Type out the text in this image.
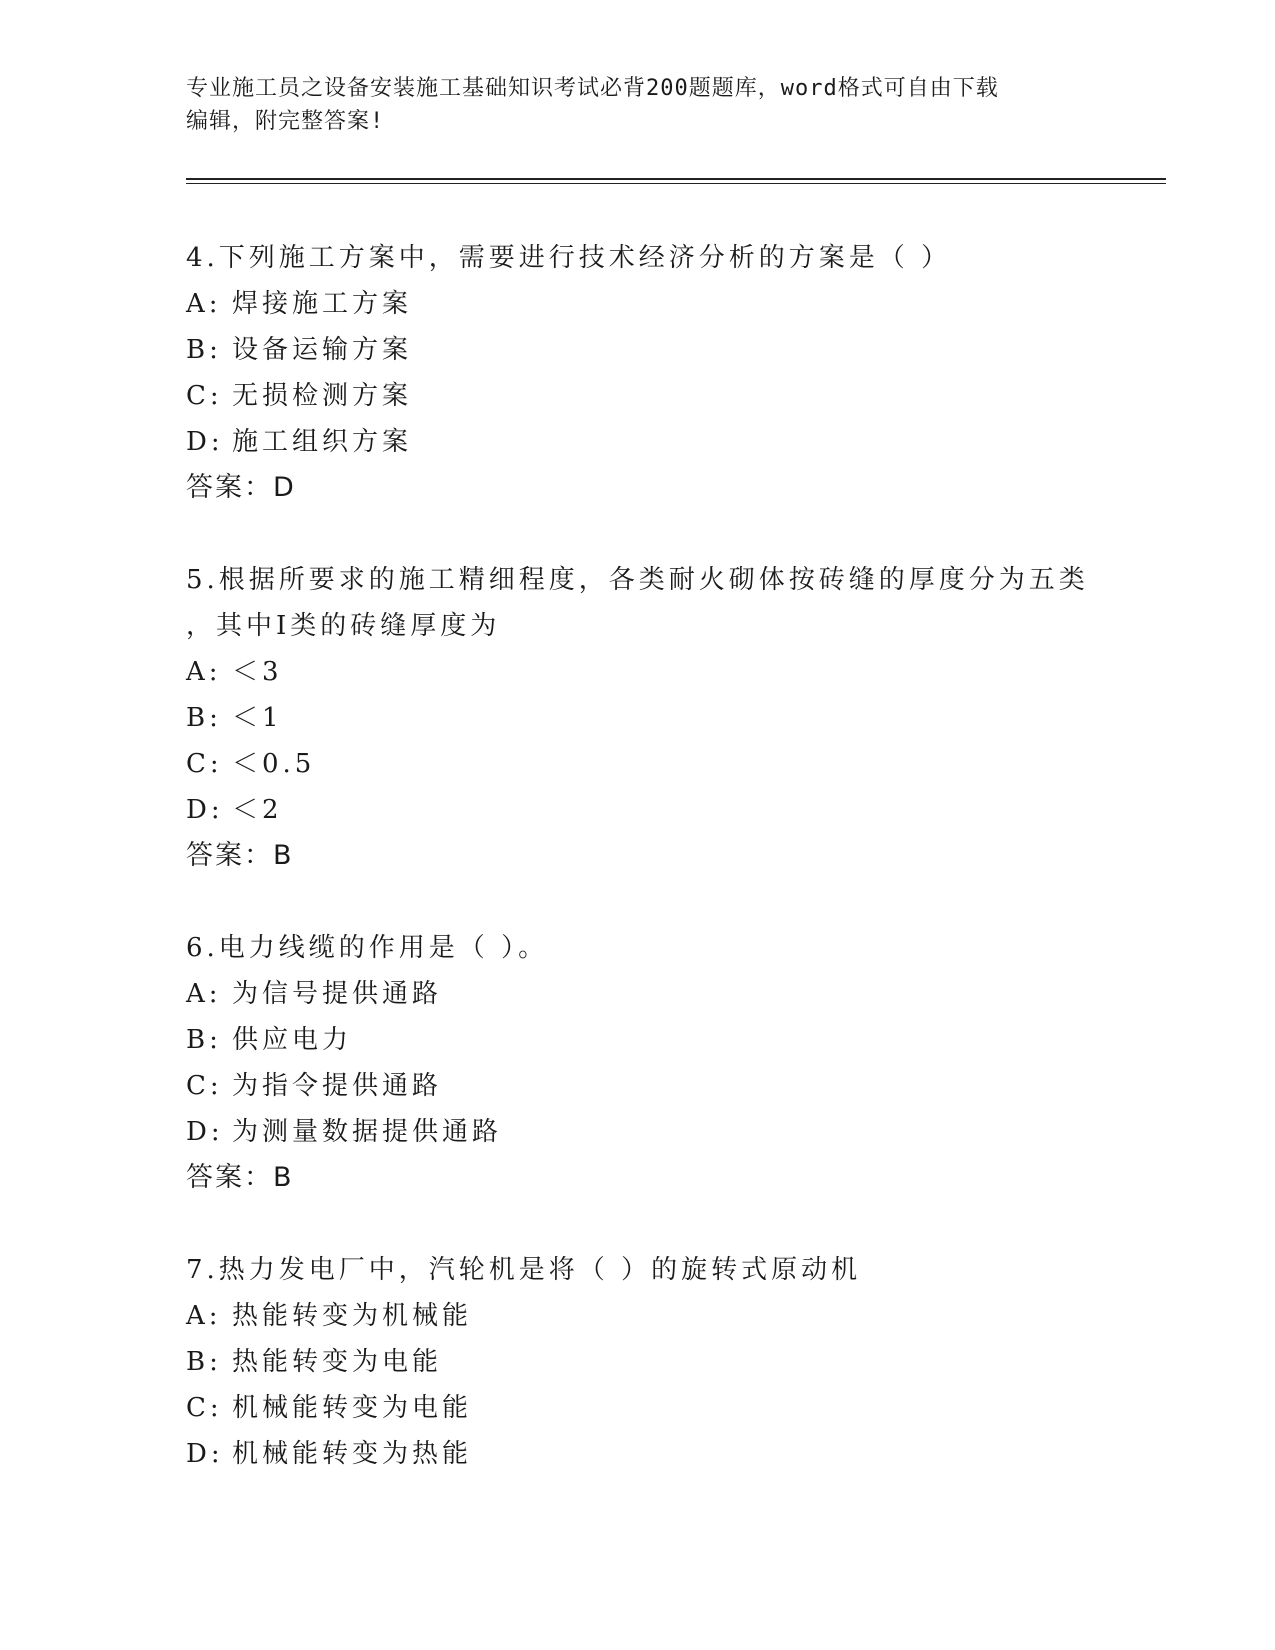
专业施工员之设备安装施工基础知识考试必背200题题库，word格式可自由下载
编辑，附完整答案!
4.下列施工方案中，需要进行技术经济分析的方案是（ ）
A: 焊接施工方案
B: 设备运输方案
C: 无损检测方案
D: 施工组织方案
答案：D
5.根据所要求的施工精细程度，各类耐火砌体按砖缝的厚度分为五类
，其中Ⅰ类的砖缝厚度为
A: ＜3
B: ＜1
C: ＜0.5
D: ＜2
答案：B
6.电力线缆的作用是（ ）。
A: 为信号提供通路
B: 供应电力
C: 为指令提供通路
D: 为测量数据提供通路
答案：B
7.热力发电厂中，汽轮机是将（ ）的旋转式原动机
A: 热能转变为机械能
B: 热能转变为电能
C: 机械能转变为电能
D: 机械能转变为热能
